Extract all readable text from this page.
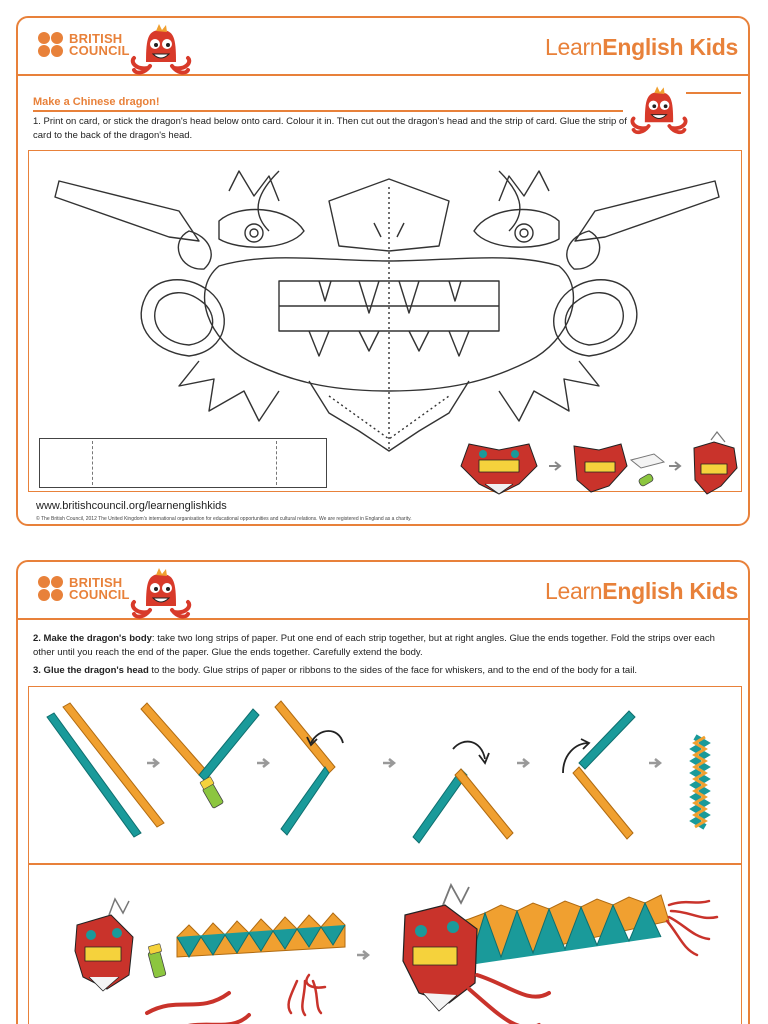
BRITISH
COUNCIL	LearnEnglish Kids
Make a Chinese dragon!
1. Print on card, or stick the dragon's head below onto card. Colour it in. Then cut out the dragon's head and the strip of card. Glue the strip of card to the back of the dragon's head.
www.britishcouncil.org/learnenglishkids
© The British Council, 2012 The United Kingdom's international organisation for educational opportunities and cultural relations. We are registered in England as a charity.
BRITISH
COUNCIL	LearnEnglish Kids
2. Make the dragon's body: take two long strips of paper. Put one end of each strip together, but at right angles. Glue the ends together. Fold the strips over each other until you reach the end of the paper. Glue the ends together. Carefully extend the body.
3. Glue the dragon's head to the body. Glue strips of paper or ribbons to the sides of the face for whiskers, and to the end of the body for a tail.
